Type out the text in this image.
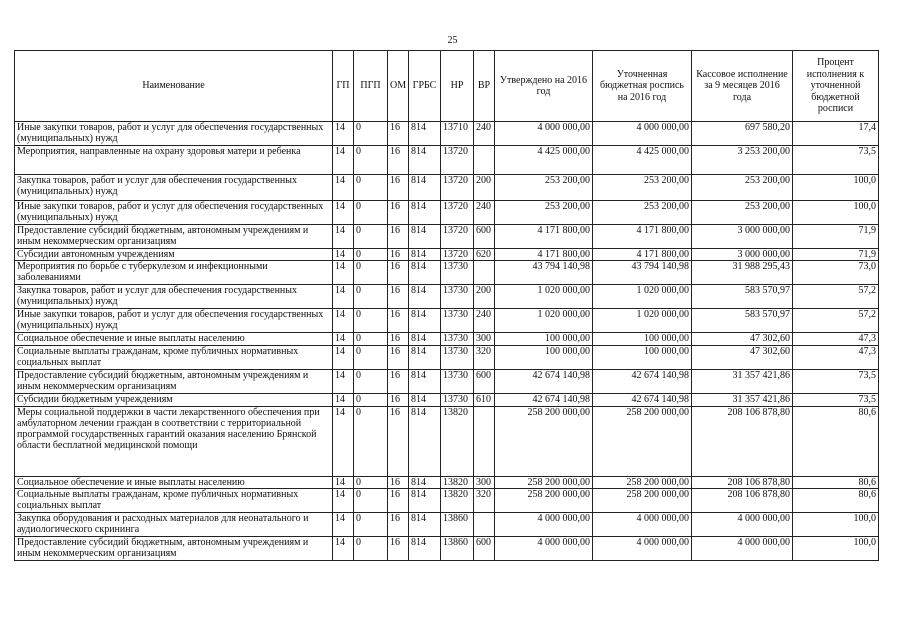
25
Наименование	ГП	ПГП	ОМ	ГРБС	НР	ВР	Утверждено на 2016 год	Уточненная бюджетная роспись на 2016 год	Кассовое исполнение за 9 месяцев 2016 года	Процент исполнения к уточненной бюджетной росписи
Иные закупки товаров, работ и услуг для обеспечения государственных (муниципальных) нужд	14	0	16	814	13710	240	4 000 000,00	4 000 000,00	697 580,20	17,4
Мероприятия, направленные на охрану здоровья матери и ребенка	14	0	16	814	13720		4 425 000,00	4 425 000,00	3 253 200,00	73,5
Закупка товаров, работ и услуг для обеспечения государственных (муниципальных) нужд	14	0	16	814	13720	200	253 200,00	253 200,00	253 200,00	100,0
Иные закупки товаров, работ и услуг для обеспечения государственных (муниципальных) нужд	14	0	16	814	13720	240	253 200,00	253 200,00	253 200,00	100,0
Предоставление субсидий бюджетным, автономным учреждениям и иным некоммерческим организациям	14	0	16	814	13720	600	4 171 800,00	4 171 800,00	3 000 000,00	71,9
Субсидии автономным учреждениям	14	0	16	814	13720	620	4 171 800,00	4 171 800,00	3 000 000,00	71,9
Мероприятия по борьбе с туберкулезом и инфекционными заболеваниями	14	0	16	814	13730		43 794 140,98	43 794 140,98	31 988 295,43	73,0
Закупка товаров, работ и услуг для обеспечения государственных (муниципальных) нужд	14	0	16	814	13730	200	1 020 000,00	1 020 000,00	583 570,97	57,2
Иные закупки товаров, работ и услуг для обеспечения государственных (муниципальных) нужд	14	0	16	814	13730	240	1 020 000,00	1 020 000,00	583 570,97	57,2
Социальное обеспечение и иные выплаты населению	14	0	16	814	13730	300	100 000,00	100 000,00	47 302,60	47,3
Социальные выплаты гражданам, кроме публичных нормативных социальных выплат	14	0	16	814	13730	320	100 000,00	100 000,00	47 302,60	47,3
Предоставление субсидий бюджетным, автономным учреждениям и иным некоммерческим организациям	14	0	16	814	13730	600	42 674 140,98	42 674 140,98	31 357 421,86	73,5
Субсидии бюджетным учреждениям	14	0	16	814	13730	610	42 674 140,98	42 674 140,98	31 357 421,86	73,5
Меры социальной поддержки в части лекарственного обеспечения при амбулаторном лечении граждан в соответствии с территориальной программой государственных гарантий оказания населению Брянской области бесплатной медицинской помощи	14	0	16	814	13820		258 200 000,00	258 200 000,00	208 106 878,80	80,6
Социальное обеспечение и иные выплаты населению	14	0	16	814	13820	300	258 200 000,00	258 200 000,00	208 106 878,80	80,6
Социальные выплаты гражданам, кроме публичных нормативных социальных выплат	14	0	16	814	13820	320	258 200 000,00	258 200 000,00	208 106 878,80	80,6
Закупка оборудования и расходных материалов для неонатального и аудиологического скрининга	14	0	16	814	13860		4 000 000,00	4 000 000,00	4 000 000,00	100,0
Предоставление субсидий бюджетным, автономным учреждениям и иным некоммерческим организациям	14	0	16	814	13860	600	4 000 000,00	4 000 000,00	4 000 000,00	100,0
